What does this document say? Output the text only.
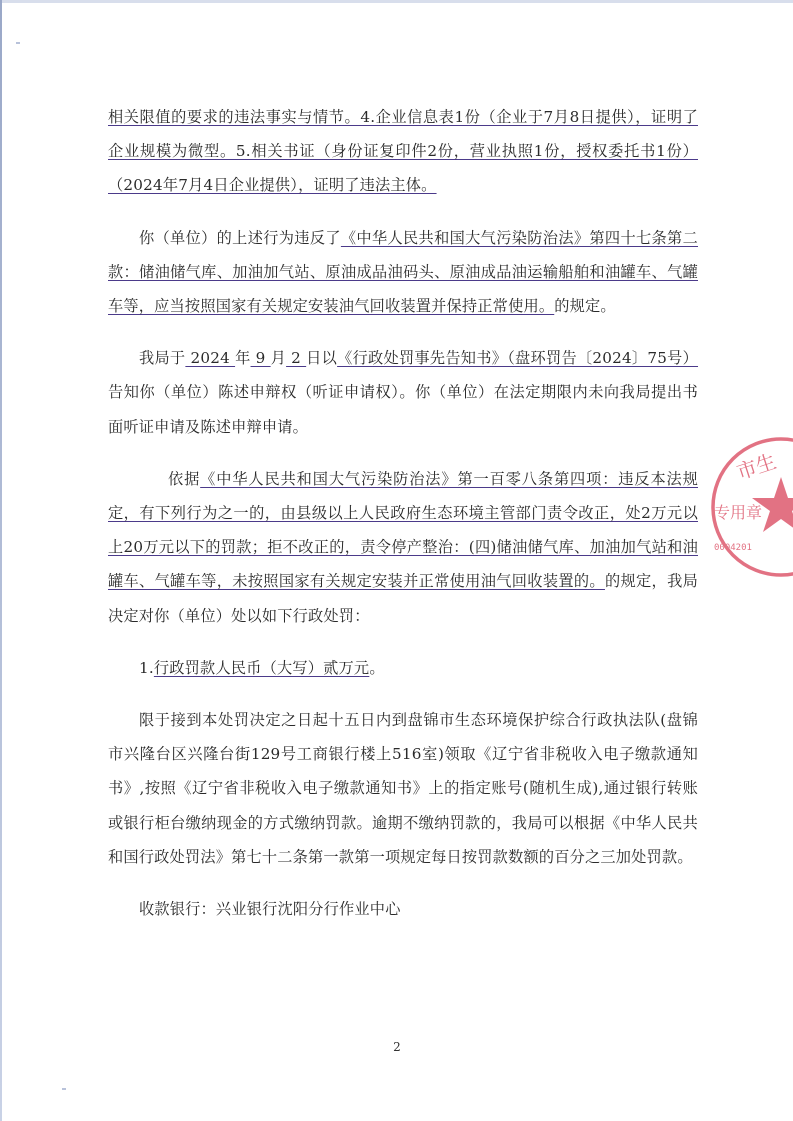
相关限值的要求的违法事实与情节。4.企业信息表1份（企业于7月8日提供），证明了企业规模为微型。5.相关书证（身份证复印件2份，营业执照1份，授权委托书1份）（2024年7月4日企业提供），证明了违法主体。

你（单位）的上述行为违反了《中华人民共和国大气污染防治法》第四十七条第二款：储油储气库、加油加气站、原油成品油码头、原油成品油运输船舶和油罐车、气罐车等，应当按照国家有关规定安装油气回收装置并保持正常使用。的规定。

我局于 2024 年 9 月 2 日以《行政处罚事先告知书》（盘环罚告〔2024〕75号）告知你（单位）陈述申辩权（听证申请权）。你（单位）在法定期限内未向我局提出书面听证申请及陈述申辩申请。

依据《中华人民共和国大气污染防治法》第一百零八条第四项：违反本法规定，有下列行为之一的，由县级以上人民政府生态环境主管部门责令改正，处2万元以上20万元以下的罚款；拒不改正的，责令停产整治：(四)储油储气库、加油加气站和油罐车、气罐车等，未按照国家有关规定安装并正常使用油气回收装置的。的规定，我局决定对你（单位）处以如下行政处罚：

1.行政罚款人民币（大写）贰万元。

限于接到本处罚决定之日起十五日内到盘锦市生态环境保护综合行政执法队(盘锦市兴隆台区兴隆台街129号工商银行楼上516室)领取《辽宁省非税收入电子缴款通知书》,按照《辽宁省非税收入电子缴款通知书》上的指定账号(随机生成),通过银行转账或银行柜台缴纳现金的方式缴纳罚款。逾期不缴纳罚款的，我局可以根据《中华人民共和国行政处罚法》第七十二条第一款第一项规定每日按罚款数额的百分之三加处罚款。

收款银行：兴业银行沈阳分行作业中心

2
市生
专用章
0004201
